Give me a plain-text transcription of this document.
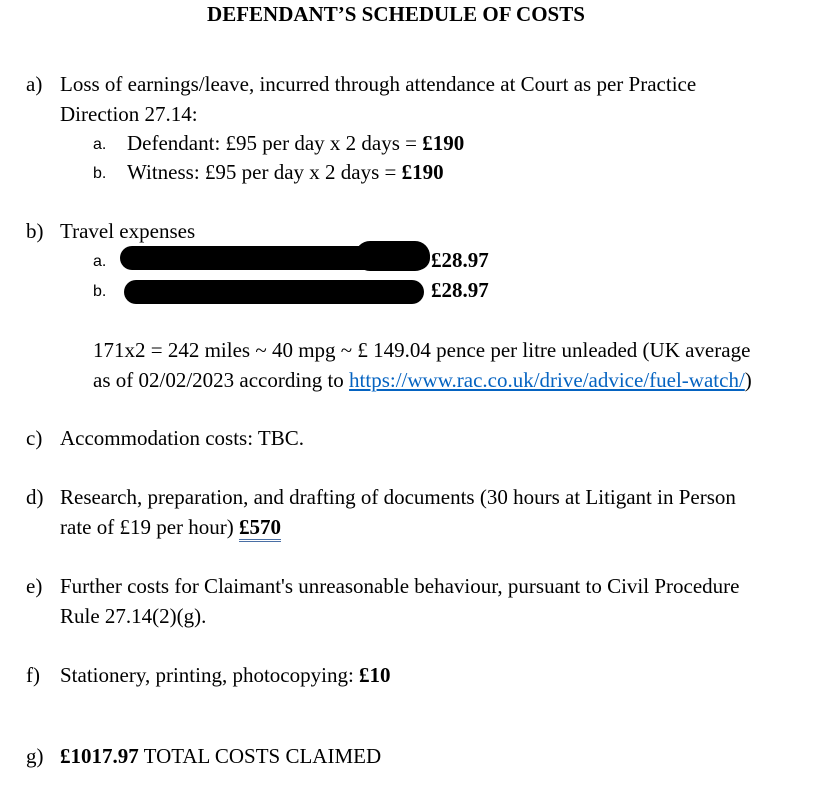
DEFENDANT’S SCHEDULE OF COSTS
a) Loss of earnings/leave, incurred through attendance at Court as per Practice
Direction 27.14:
a. Defendant: £95 per day x 2 days = £190
b. Witness: £95 per day x 2 days = £190
b) Travel expenses
a.	£28.97
b.	£28.97
171x2 = 242 miles ~ 40 mpg ~ £ 149.04 pence per litre unleaded (UK average
as of 02/02/2023 according to https://www.rac.co.uk/drive/advice/fuel-watch/)
c) Accommodation costs: TBC.
d) Research, preparation, and drafting of documents (30 hours at Litigant in Person
rate of £19 per hour) £570
e) Further costs for Claimant's unreasonable behaviour, pursuant to Civil Procedure
Rule 27.14(2)(g).
f) Stationery, printing, photocopying: £10
g) £1017.97 TOTAL COSTS CLAIMED
